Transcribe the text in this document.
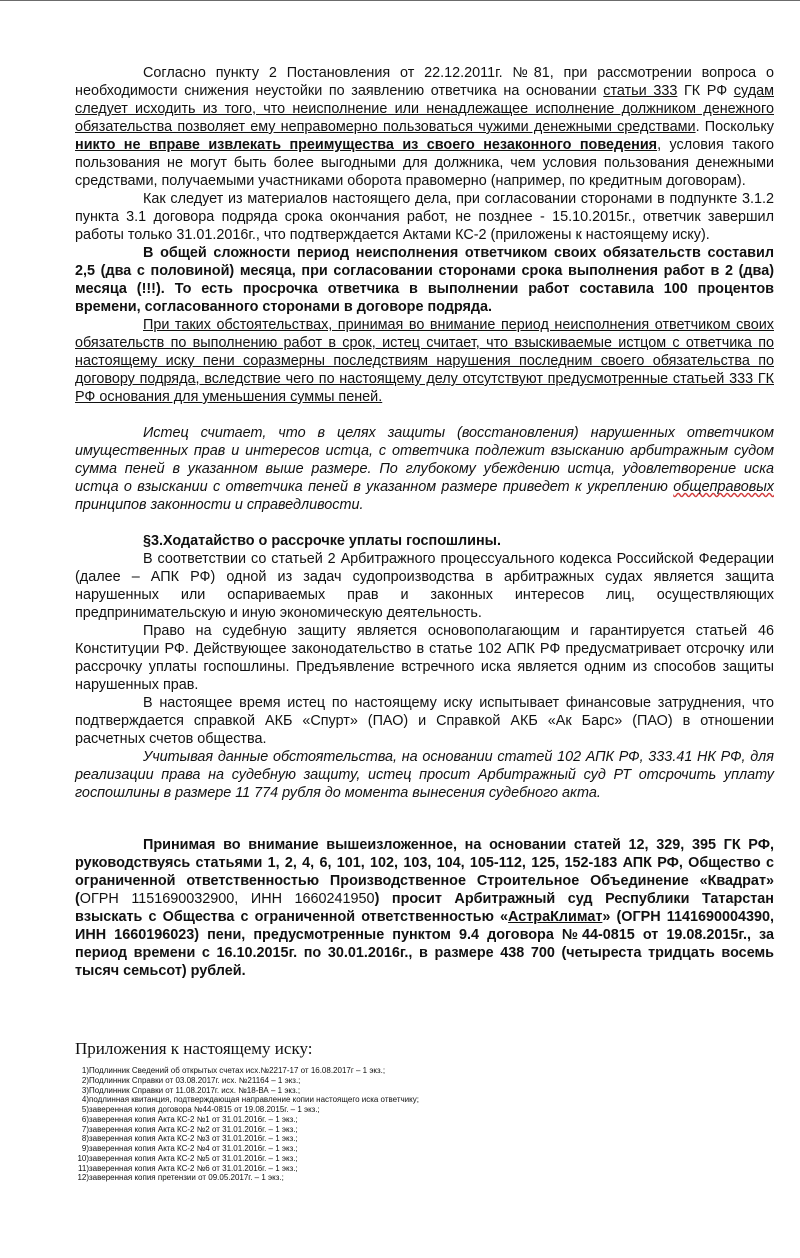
Согласно пункту 2 Постановления от 22.12.2011г. №81, при рассмотрении вопроса о необходимости снижения неустойки по заявлению ответчика на основании статьи 333 ГК РФ судам следует исходить из того, что неисполнение или ненадлежащее исполнение должником денежного обязательства позволяет ему неправомерно пользоваться чужими денежными средствами. Поскольку никто не вправе извлекать преимущества из своего незаконного поведения, условия такого пользования не могут быть более выгодными для должника, чем условия пользования денежными средствами, получаемыми участниками оборота правомерно (например, по кредитным договорам).

Как следует из материалов настоящего дела, при согласовании сторонами в подпункте 3.1.2 пункта 3.1 договора подряда срока окончания работ, не позднее - 15.10.2015г., ответчик завершил работы только 31.01.2016г., что подтверждается Актами КС-2 (приложены к настоящему иску).

В общей сложности период неисполнения ответчиком своих обязательств составил 2,5 (два с половиной) месяца, при согласовании сторонами срока выполнения работ в 2 (два) месяца (!!!). То есть просрочка ответчика в выполнении работ составила 100 процентов времени, согласованного сторонами в договоре подряда.

При таких обстоятельствах, принимая во внимание период неисполнения ответчиком своих обязательств по выполнению работ в срок, истец считает, что взыскиваемые истцом с ответчика по настоящему иску пени соразмерны последствиям нарушения последним своего обязательства по договору подряда, вследствие чего по настоящему делу отсутствуют предусмотренные статьей 333 ГК РФ основания для уменьшения суммы пеней.

Истец считает, что в целях защиты (восстановления) нарушенных ответчиком имущественных прав и интересов истца, с ответчика подлежит взысканию арбитражным судом сумма пеней в указанном выше размере. По глубокому убеждению истца, удовлетворение иска истца о взыскании с ответчика пеней в указанном размере приведет к укреплению общеправовых принципов законности и справедливости.

§3.Ходатайство о рассрочке уплаты госпошлины.

В соответствии со статьей 2 Арбитражного процессуального кодекса Российской Федерации (далее – АПК РФ) одной из задач судопроизводства в арбитражных судах является защита нарушенных или оспариваемых прав и законных интересов лиц, осуществляющих предпринимательскую и иную экономическую деятельность.

Право на судебную защиту является основополагающим и гарантируется статьей 46 Конституции РФ. Действующее законодательство в статье 102 АПК РФ предусматривает отсрочку или рассрочку уплаты госпошлины. Предъявление встречного иска является одним из способов защиты нарушенных прав.

В настоящее время истец по настоящему иску испытывает финансовые затруднения, что подтверждается справкой АКБ «Спурт» (ПАО) и Справкой АКБ «Ак Барс» (ПАО) в отношении расчетных счетов общества.

Учитывая данные обстоятельства, на основании статей 102 АПК РФ, 333.41 НК РФ, для реализации права на судебную защиту, истец просит Арбитражный суд РТ отсрочить уплату госпошлины в размере 11 774 рубля до момента вынесения судебного акта.

Принимая во внимание вышеизложенное, на основании статей 12, 329, 395 ГК РФ, руководствуясь статьями 1, 2, 4, 6, 101, 102, 103, 104, 105-112, 125, 152-183 АПК РФ, Общество с ограниченной ответственностью Производственное Строительное Объединение «Квадрат» (ОГРН 1151690032900, ИНН 1660241950) просит Арбитражный суд Республики Татарстан взыскать с Общества с ограниченной ответственностью «АстраКлимат» (ОГРН 1141690004390, ИНН 1660196023) пени, предусмотренные пунктом 9.4 договора №44-0815 от 19.08.2015г., за период времени с 16.10.2015г. по 30.01.2016г., в размере 438 700 (четыреста тридцать восемь тысяч семьсот) рублей.

Приложения к настоящему иску:

1)Подлинник Сведений об открытых счетах исх.№2217-17 от 16.08.2017г – 1 экз.;
2)Подлинник Справки от 03.08.2017г. исх. №21164 – 1 экз.;
3)Подлинник Справки от 11.08.2017г. исх. №18-ВА – 1 экз.;
4)подлинная квитанция, подтверждающая направление копии настоящего иска ответчику;
5)заверенная копия договора №44-0815 от 19.08.2015г. – 1 экз.;
6)заверенная копия Акта КС-2 №1 от 31.01.2016г. – 1 экз.;
7)заверенная копия Акта КС-2 №2 от 31.01.2016г. – 1 экз.;
8)заверенная копия Акта КС-2 №3 от 31.01.2016г. – 1 экз.;
9)заверенная копия Акта КС-2 №4 от 31.01.2016г. – 1 экз.;
10)заверенная копия Акта КС-2 №5 от 31.01.2016г. – 1 экз.;
11)заверенная копия Акта КС-2 №6 от 31.01.2016г. – 1 экз.;
12)заверенная копия претензии от 09.05.2017г. – 1 экз.;
